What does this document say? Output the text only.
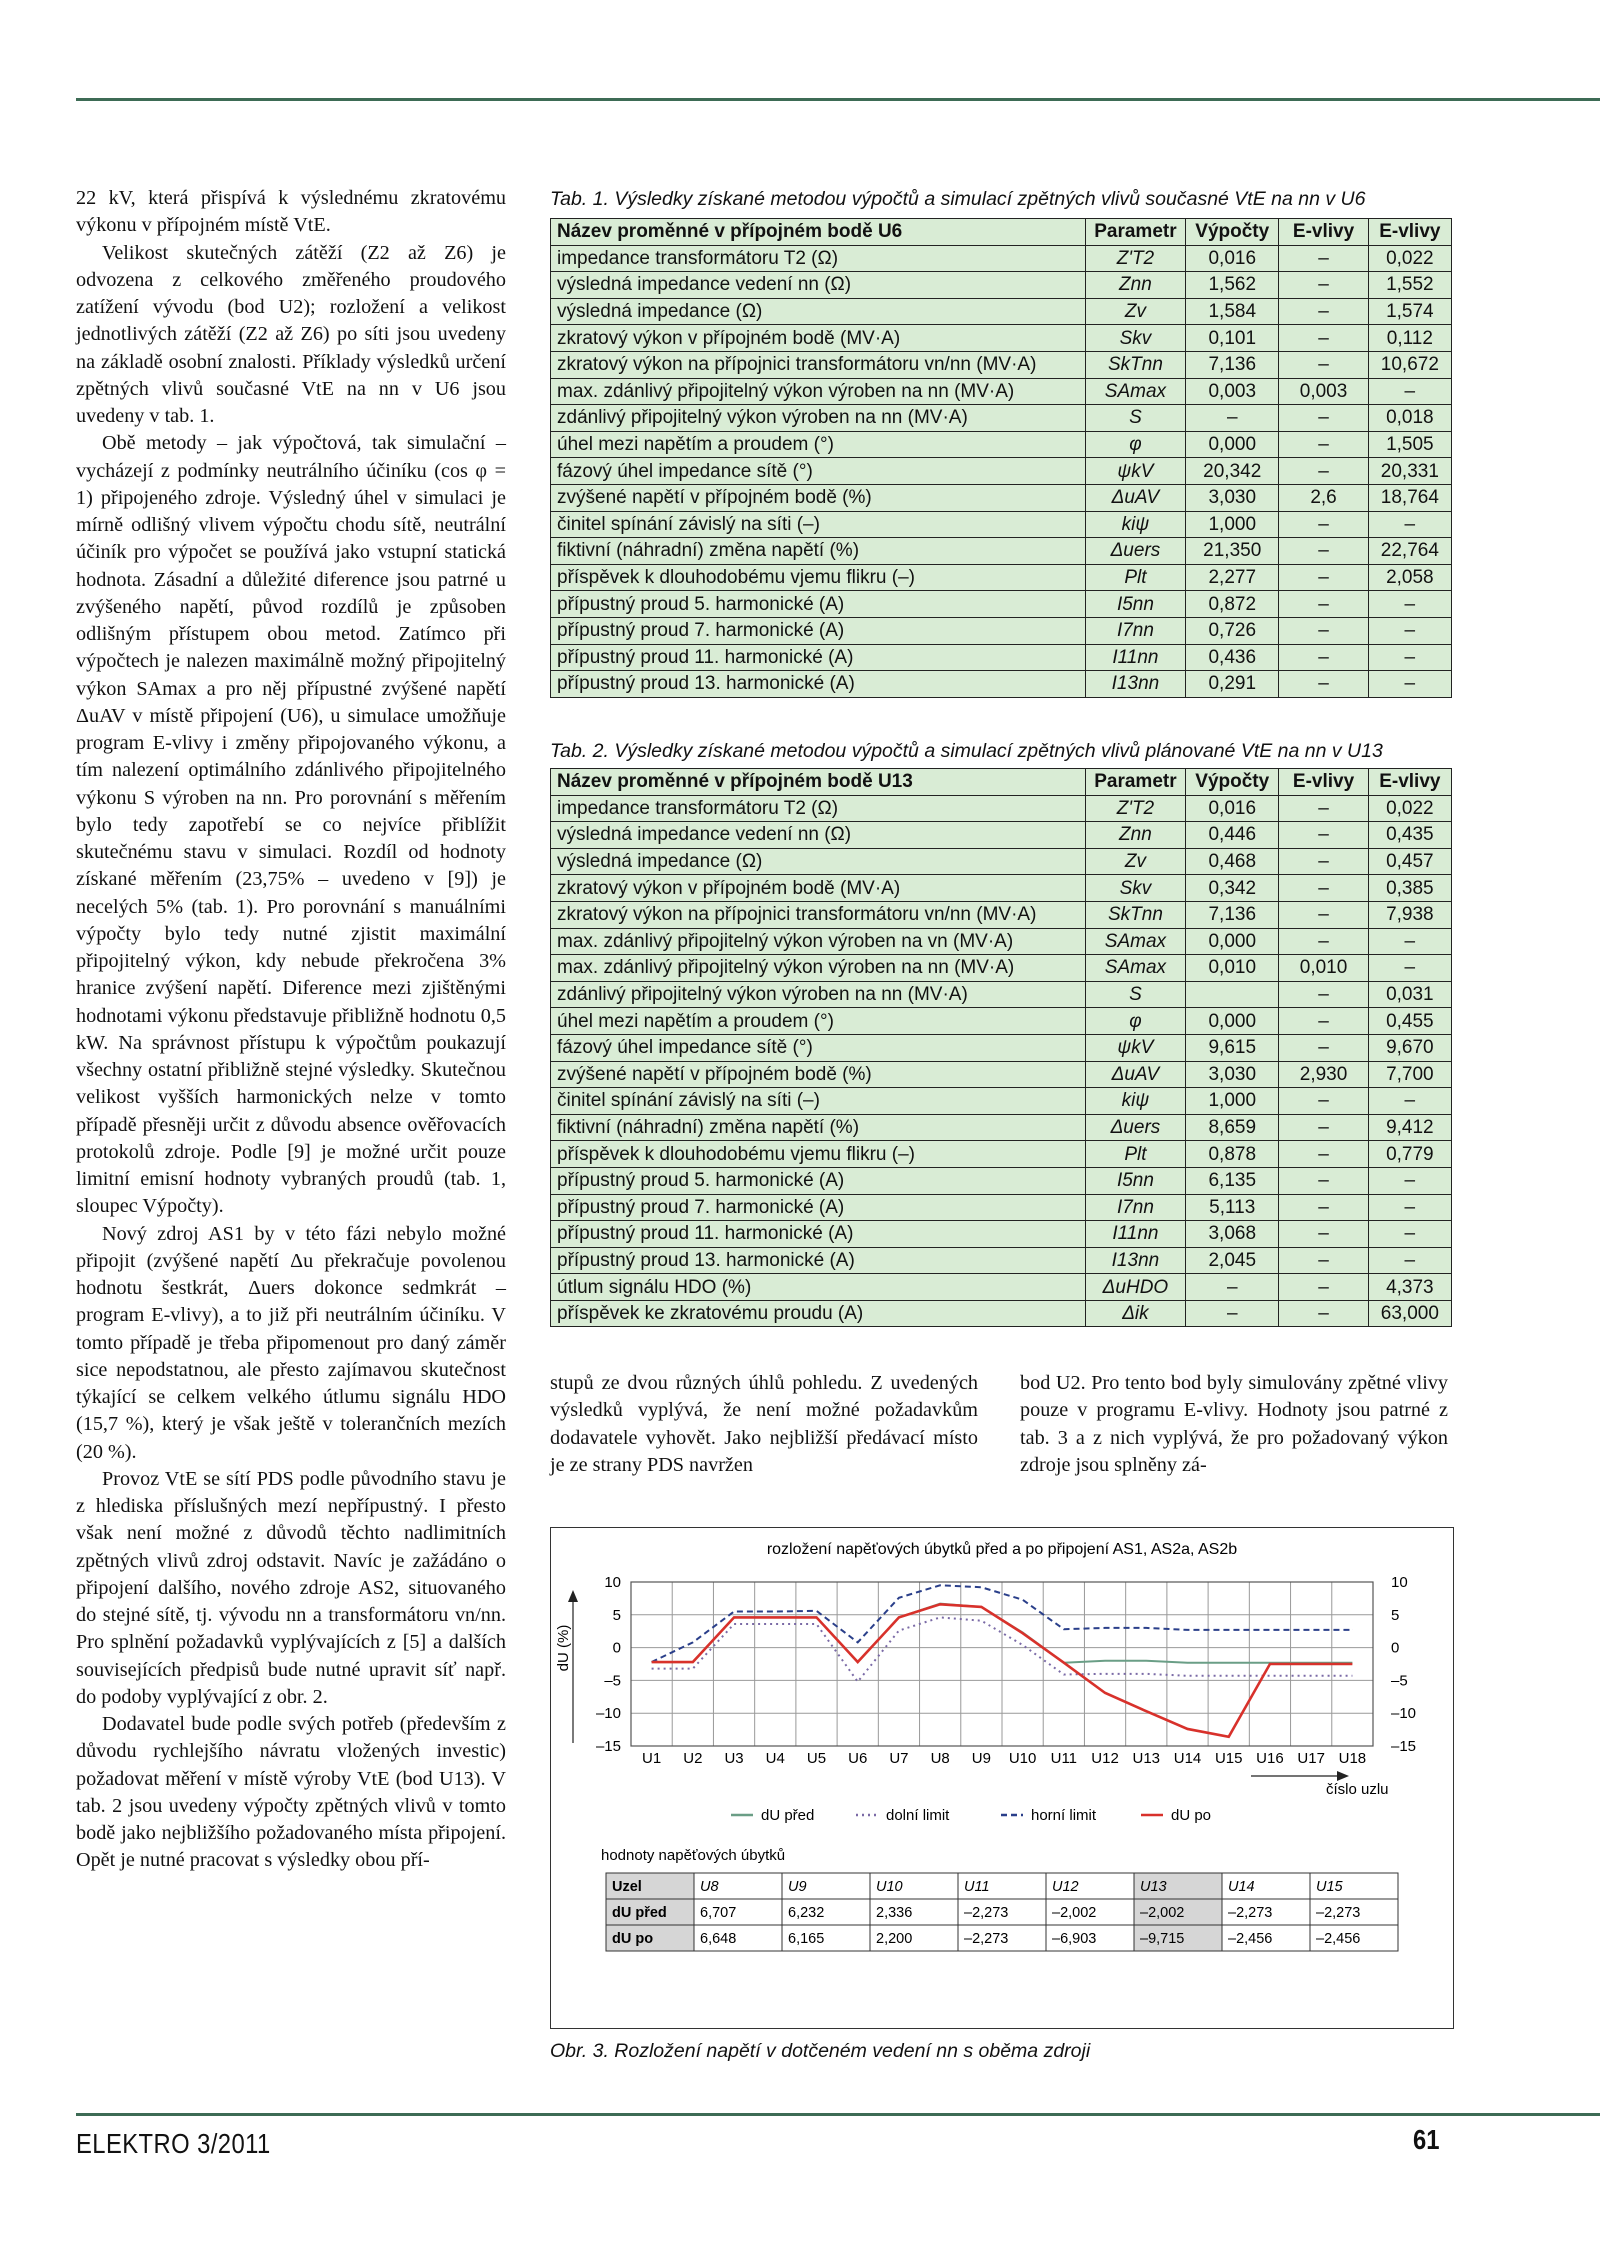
22 kV, která přispívá k výslednému zkratovému výkonu v přípojném místě VtE.

Velikost skutečných zátěží (Z2 až Z6) je odvozena z celkového změřeného proudového zatížení vývodu (bod U2); rozložení a velikost jednotlivých zátěží (Z2 až Z6) po síti jsou uvedeny na základě osobní znalosti. Příklady výsledků určení zpětných vlivů současné VtE na nn v U6 jsou uvedeny v tab. 1.

Obě metody – jak výpočtová, tak simulační – vycházejí z podmínky neutrálního účiníku (cos φ = 1) připojeného zdroje. Výsledný úhel v simulaci je mírně odlišný vlivem výpočtu chodu sítě, neutrální účiník pro výpočet se používá jako vstupní statická hodnota. Zásadní a důležité diference jsou patrné u zvýšeného napětí, původ rozdílů je způsoben odlišným přístupem obou metod. Zatímco při výpočtech je nalezen maximálně možný připojitelný výkon SAmax a pro něj přípustné zvýšené napětí ΔuAV v místě připojení (U6), u simulace umožňuje program E-vlivy i změny připojovaného výkonu, a tím nalezení optimálního zdánlivého připojitelného výkonu S výroben na nn. Pro porovnání s měřením bylo tedy zapotřebí se co nejvíce přiblížit skutečnému stavu v simulaci. Rozdíl od hodnoty získané měřením (23,75% – uvedeno v [9]) je necelých 5% (tab. 1). Pro porovnání s manuálními výpočty bylo tedy nutné zjistit maximální připojitelný výkon, kdy nebude překročena 3% hranice zvýšení napětí. Diference mezi zjištěnými hodnotami výkonu představuje přibližně hodnotu 0,5 kW. Na správnost přístupu k výpočtům poukazují všechny ostatní přibližně stejné výsledky. Skutečnou velikost vyšších harmonických nelze v tomto případě přesněji určit z důvodu absence ověřovacích protokolů zdroje. Podle [9] je možné určit pouze limitní emisní hodnoty vybraných proudů (tab. 1, sloupec Výpočty).

Nový zdroj AS1 by v této fázi nebylo možné připojit (zvýšené napětí Δu překračuje povolenou hodnotu šestkrát, Δuers dokonce sedmkrát – program E-vlivy), a to již při neutrálním účiníku. V tomto případě je třeba připomenout pro daný záměr sice nepodstatnou, ale přesto zajímavou skutečnost týkající se celkem velkého útlumu signálu HDO (15,7 %), který je však ještě v tolerančních mezích (20 %).

Provoz VtE se sítí PDS podle původního stavu je z hlediska příslušných mezí nepřípustný. I přesto však není možné z důvodů těchto nadlimitních zpětných vlivů zdroj odstavit. Navíc je zažádáno o připojení dalšího, nového zdroje AS2, situovaného do stejné sítě, tj. vývodu nn a transformátoru vn/nn. Pro splnění požadavků vyplývajících z [5] a dalších souvisejících předpisů bude nutné upravit síť např. do podoby vyplývající z obr. 2.

Dodavatel bude podle svých potřeb (především z důvodu rychlejšího návratu vložených investic) požadovat měření v místě výroby VtE (bod U13). V tab. 2 jsou uvedeny výpočty zpětných vlivů v tomto bodě jako nejbližšího požadovaného místa připojení. Opět je nutné pracovat s výsledky obou pří-

Tab. 1. Výsledky získané metodou výpočtů a simulací zpětných vlivů současné VtE na nn v U6
Název proměnné v přípojném bodě U6	Parametr	Výpočty	E-vlivy	E-vlivy
impedance transformátoru T2 (Ω)	Z'T2	0,016	–	0,022
výsledná impedance vedení nn (Ω)	Znn	1,562	–	1,552
výsledná impedance (Ω)	Zv	1,584	–	1,574
zkratový výkon v přípojném bodě (MV·A)	Skv	0,101	–	0,112
zkratový výkon na přípojnici transformátoru vn/nn (MV·A)	SkTnn	7,136	–	10,672
max. zdánlivý připojitelný výkon výroben na nn (MV·A)	SAmax	0,003	0,003	–
zdánlivý připojitelný výkon výroben na nn (MV·A)	S	–	–	0,018
úhel mezi napětím a proudem (°)	φ	0,000	–	1,505
fázový úhel impedance sítě (°)	ψkV	20,342	–	20,331
zvýšené napětí v přípojném bodě (%)	ΔuAV	3,030	2,6	18,764
činitel spínání závislý na síti (–)	kiψ	1,000	–	–
fiktivní (náhradní) změna napětí (%)	Δuers	21,350	–	22,764
příspěvek k dlouhodobému vjemu flikru (–)	Plt	2,277	–	2,058
přípustný proud 5. harmonické (A)	I5nn	0,872	–	–
přípustný proud 7. harmonické (A)	I7nn	0,726	–	–
přípustný proud 11. harmonické (A)	I11nn	0,436	–	–
přípustný proud 13. harmonické (A)	I13nn	0,291	–	–
Tab. 2. Výsledky získané metodou výpočtů a simulací zpětných vlivů plánované VtE na nn v U13
Název proměnné v přípojném bodě U13	Parametr	Výpočty	E-vlivy	E-vlivy
impedance transformátoru T2 (Ω)	Z'T2	0,016	–	0,022
výsledná impedance vedení nn (Ω)	Znn	0,446	–	0,435
výsledná impedance (Ω)	Zv	0,468	–	0,457
zkratový výkon v přípojném bodě (MV·A)	Skv	0,342	–	0,385
zkratový výkon na přípojnici transformátoru vn/nn (MV·A)	SkTnn	7,136	–	7,938
max. zdánlivý připojitelný výkon výroben na vn (MV·A)	SAmax	0,000	–	–
max. zdánlivý připojitelný výkon výroben na nn (MV·A)	SAmax	0,010	0,010	–
zdánlivý připojitelný výkon výroben na nn (MV·A)	S		–	0,031
úhel mezi napětím a proudem (°)	φ	0,000	–	0,455
fázový úhel impedance sítě (°)	ψkV	9,615	–	9,670
zvýšené napětí v přípojném bodě (%)	ΔuAV	3,030	2,930	7,700
činitel spínání závislý na síti (–)	kiψ	1,000	–	–
fiktivní (náhradní) změna napětí (%)	Δuers	8,659	–	9,412
příspěvek k dlouhodobému vjemu flikru (–)	Plt	0,878	–	0,779
přípustný proud 5. harmonické (A)	I5nn	6,135	–	–
přípustný proud 7. harmonické (A)	I7nn	5,113	–	–
přípustný proud 11. harmonické (A)	I11nn	3,068	–	–
přípustný proud 13. harmonické (A)	I13nn	2,045	–	–
útlum signálu HDO (%)	ΔuHDO	–	–	4,373
příspěvek ke zkratovému proudu (A)	Δik	–	–	63,000
stupů ze dvou různých úhlů pohledu. Z uvedených výsledků vyplývá, že není možné požadavkům dodavatele vyhovět. Jako nejbližší předávací místo je ze strany PDS navržen
bod U2. Pro tento bod byly simulovány zpětné vlivy pouze v programu E-vlivy. Hodnoty jsou patrné z tab. 3 a z nich vyplývá, že pro požadovaný výkon zdroje jsou splněny zá-
rozložení napěťových úbytků před a po připojení AS1, AS2a, AS2b
10	10
5	5
0	0
–5	–5
–10	–10
–15	–15
dU (%)
U1 U2 U3 U4 U5 U6 U7 U8 U9 U10 U11 U12 U13 U14 U15 U16 U17 U18
číslo uzlu
dU před	dolní limit	horní limit	dU po
hodnoty napěťových úbytků
Uzel	U8	U9	U10	U11	U12	U13	U14	U15
dU před 6,707	6,232	2,336	–2,273	–2,002	–2,002	–2,273	–2,273
dU po	6,648	6,165	2,200	–2,273	–6,903	–9,715	–2,456	–2,456
Obr. 3. Rozložení napětí v dotčeném vedení nn s oběma zdroji
ELEKTRO 3/2011	61
